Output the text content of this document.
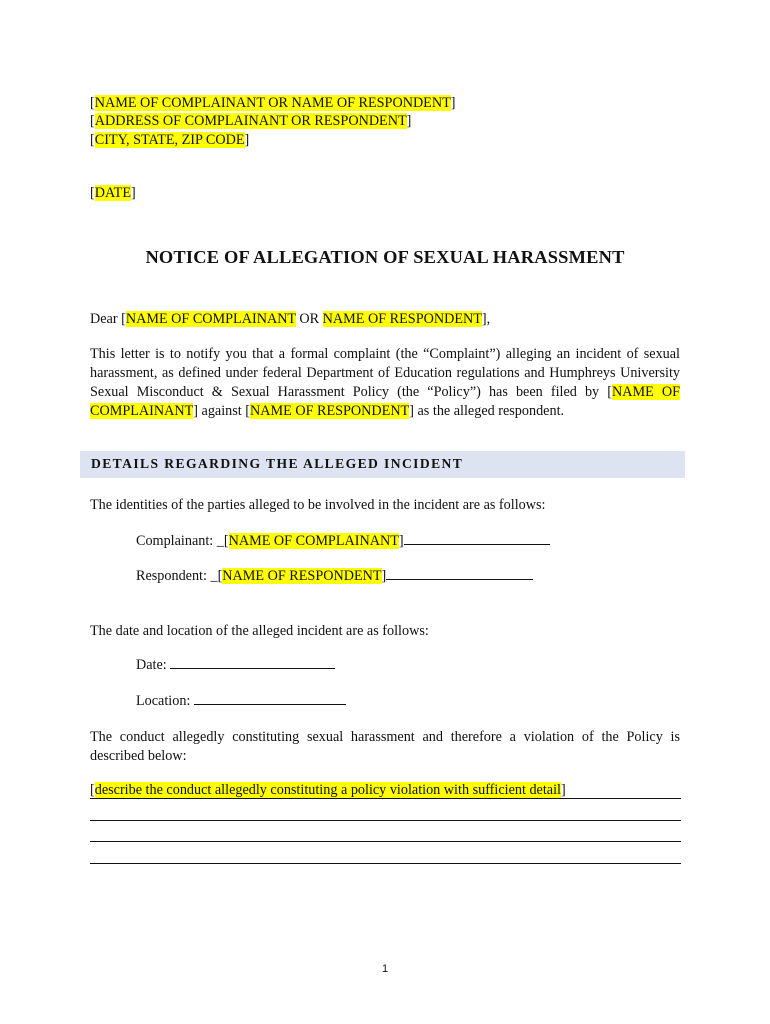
[NAME OF COMPLAINANT OR NAME OF RESPONDENT]
[ADDRESS OF COMPLAINANT OR RESPONDENT]
[CITY, STATE, ZIP CODE]
[DATE]
NOTICE OF ALLEGATION OF SEXUAL HARASSMENT
Dear [NAME OF COMPLAINANT OR NAME OF RESPONDENT],
This letter is to notify you that a formal complaint (the “Complaint”) alleging an incident of sexual harassment, as defined under federal Department of Education regulations and Humphreys University Sexual Misconduct & Sexual Harassment Policy (the “Policy”) has been filed by [NAME OF COMPLAINANT] against [NAME OF RESPONDENT] as the alleged respondent.
DETAILS REGARDING THE ALLEGED INCIDENT
The identities of the parties alleged to be involved in the incident are as follows:
Complainant: _[NAME OF COMPLAINANT]
Respondent: _[NAME OF RESPONDENT]
The date and location of the alleged incident are as follows:
Date:
Location:
The conduct allegedly constituting sexual harassment and therefore a violation of the Policy is described below:
[describe the conduct allegedly constituting a policy violation with sufficient detail]
1
